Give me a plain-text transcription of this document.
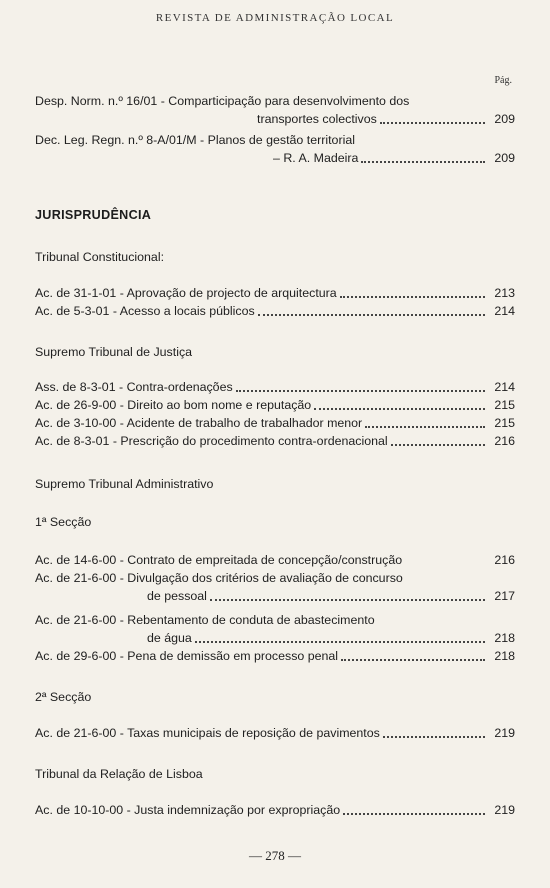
REVISTA DE ADMINISTRAÇÃO LOCAL
Pág.
Desp. Norm. n.º 16/01 - Comparticipação para desenvolvimento dos
transportes colectivos	209
Dec. Leg. Regn. n.º 8-A/01/M - Planos de gestão territorial
– R. A. Madeira	209
JURISPRUDÊNCIA
Tribunal Constitucional:
Ac. de 31-1-01 - Aprovação de projecto de arquitectura	213
Ac. de 5-3-01 - Acesso a locais públicos	214
Supremo Tribunal de Justiça
Ass. de 8-3-01 - Contra-ordenações	214
Ac. de 26-9-00 - Direito ao bom nome e reputação	215
Ac. de 3-10-00 - Acidente de trabalho de trabalhador menor	215
Ac. de 8-3-01 - Prescrição do procedimento contra-ordenacional	216
Supremo Tribunal Administrativo
1ª Secção
Ac. de 14-6-00 - Contrato de empreitada de concepção/construção	216
Ac. de 21-6-00 - Divulgação dos critérios de avaliação de concurso
de pessoal	217
Ac. de 21-6-00 - Rebentamento de conduta de abastecimento
de água	218
Ac. de 29-6-00 - Pena de demissão em processo penal	218
2ª Secção
Ac. de 21-6-00 - Taxas municipais de reposição de pavimentos	219
Tribunal da Relação de Lisboa
Ac. de 10-10-00 - Justa indemnização por expropriação	219
— 278 —
